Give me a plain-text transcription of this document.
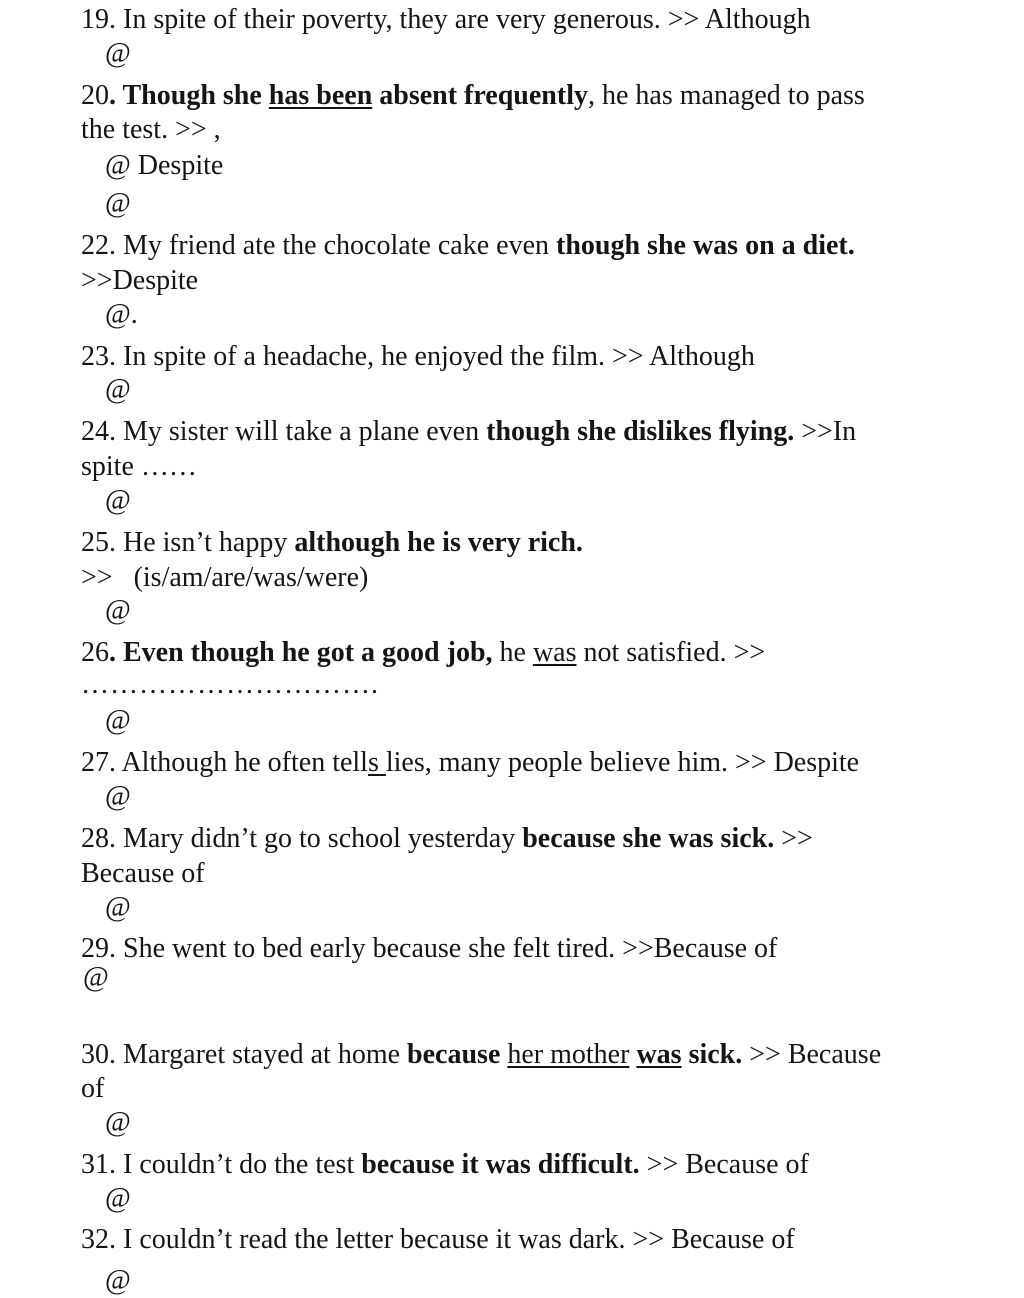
19. In spite of their poverty, they are very generous. >> Although
@
20. Though she has been absent frequently, he has managed to pass
the test. >> ,
@ Despite
@
22. My friend ate the chocolate cake even though she was on a diet.
>>Despite
@.
23. In spite of a headache, he enjoyed the film. >> Although
@
24. My sister will take a plane even though she dislikes flying. >>In
spite ……
@
25. He isn’t happy although he is very rich.
>>   (is/am/are/was/were)
@
26. Even though he got a good job, he was not satisfied. >>
………………………….
@
27. Although he often tells lies, many people believe him. >> Despite
@
28. Mary didn’t go to school yesterday because she was sick. >>
Because of
@
29. She went to bed early because she felt tired. >>Because of
@
30. Margaret stayed at home because her mother was sick. >> Because
of
@
31. I couldn’t do the test because it was difficult. >> Because of
@
32. I couldn’t read the letter because it was dark. >> Because of
@
